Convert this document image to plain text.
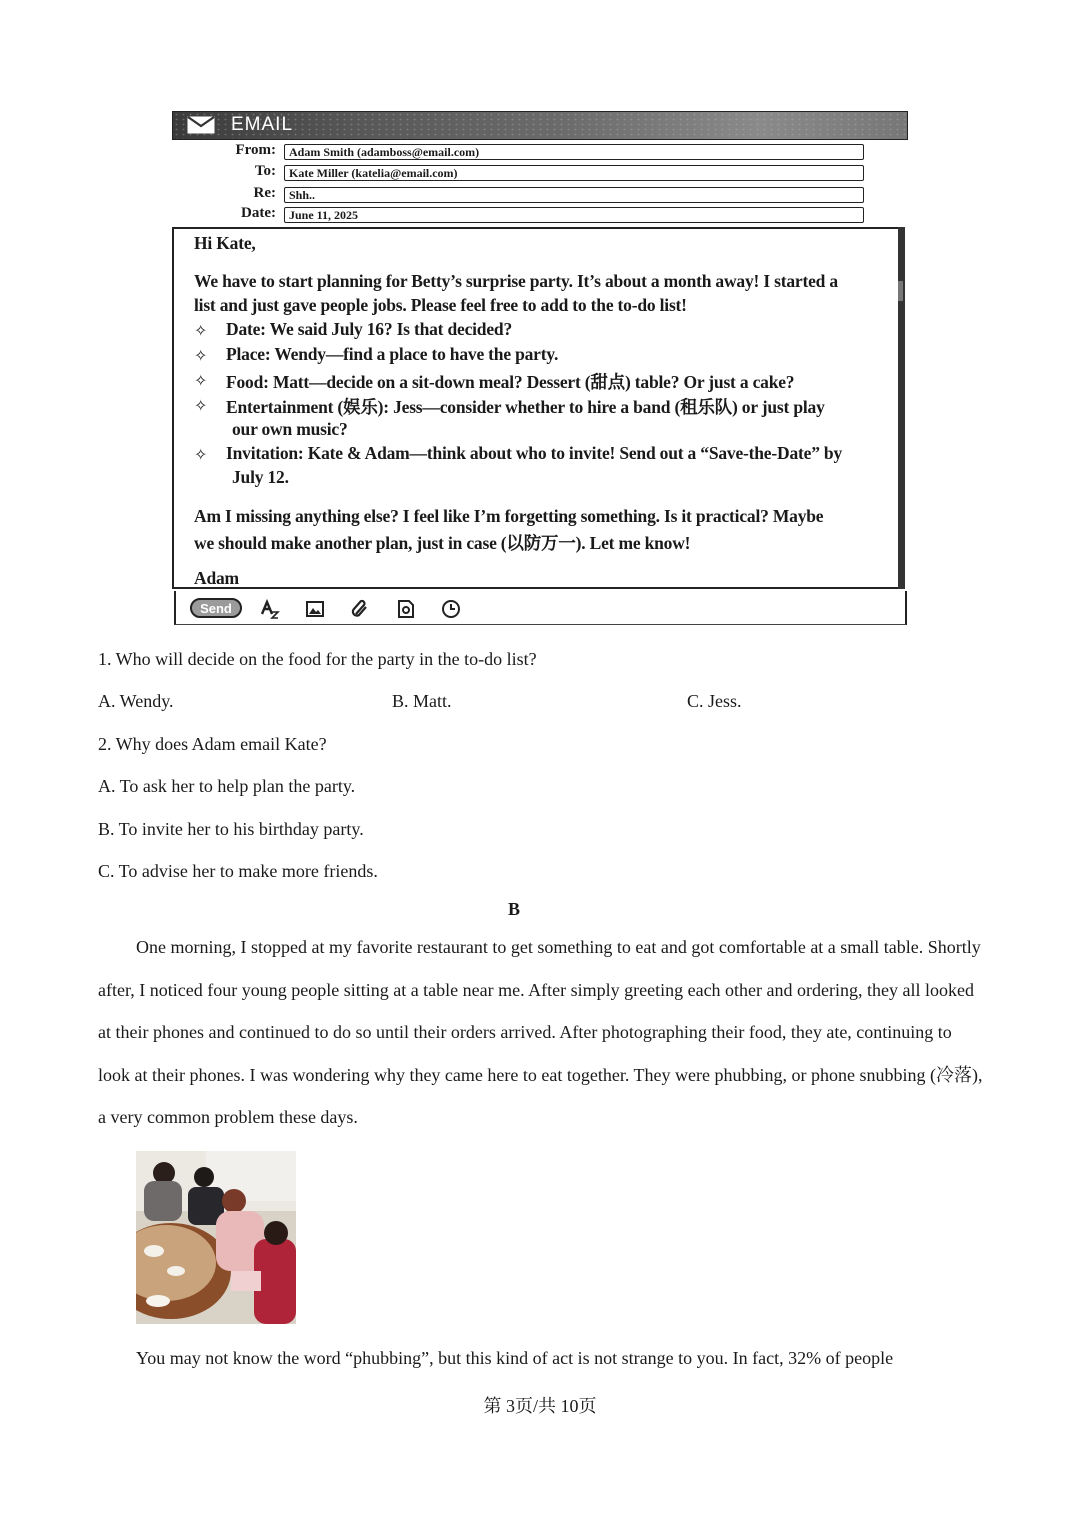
EMAIL
From:	Adam Smith (adamboss@email.com)
To:	Kate Miller (katelia@email.com)
Re:	Shh..
Date:	June 11, 2025
Hi Kate,
We have to start planning for Betty’s surprise party. It’s about a month away! I started a
list and just gave people jobs. Please feel free to add to the to-do list!
✧ Date: We said July 16? Is that decided?
✧ Place: Wendy—find a place to have the party.
✧ Food: Matt—decide on a sit-down meal? Dessert (甜点) table? Or just a cake?
✧ Entertainment (娱乐): Jess—consider whether to hire a band (租乐队) or just play
our own music?
✧ Invitation: Kate & Adam—think about who to invite! Send out a “Save-the-Date” by
July 12.
Am I missing anything else? I feel like I’m forgetting something. Is it practical? Maybe
we should make another plan, just in case (以防万一). Let me know!
Adam
Send
1. Who will decide on the food for the party in the to-do list?
A. Wendy.	B. Matt.	C. Jess.
2. Why does Adam email Kate?
A. To ask her to help plan the party.
B. To invite her to his birthday party.
C. To advise her to make more friends.
B

One morning, I stopped at my favorite restaurant to get something to eat and got comfortable at a small table. Shortly after, I noticed four young people sitting at a table near me. After simply greeting each other and ordering, they all looked at their phones and continued to do so until their orders arrived. After photographing their food, they ate, continuing to look at their phones. I was wondering why they came here to eat together. They were phubbing, or phone snubbing (冷落), a very common problem these days.

You may not know the word “phubbing”, but this kind of act is not strange to you. In fact, 32% of people

第 3页/共 10页
